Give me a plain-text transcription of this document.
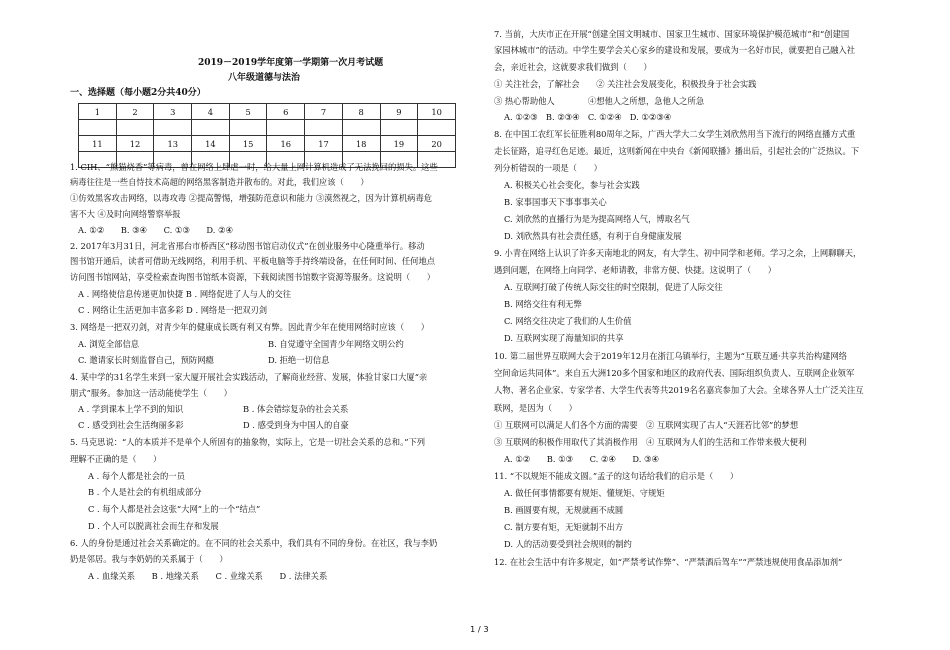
2019－2019学年度第一学期第一次月考试题
八年级道德与法治
一、选择题（每小题2分共40分）
1	2	3	4	5	6	7	8	9	10

11	12	13	14	15	16	17	18	19	20

1. CIH、“熊猫烧香”等病毒，曾在网络上肆虐一时，给大量上网计算机造成了无法挽回的损失。这些
病毒往往是一些自恃技术高超的网络黑客制造并散布的。对此，我们应该（　　）
①仿效黑客攻击网络，以毒攻毒 ②提高警惕，增强防范意识和能力 ③漠然视之，因为计算机病毒危
害不大 ④及时向网络警察举报
A. ①②　　B. ③④　　C. ①③　　D. ②④
2. 2017年3月31日，河北省邢台市桥西区“移动图书馆启动仪式”在创业服务中心隆重举行。移动
图书馆开通后，读者可借助无线网络，利用手机、平板电脑等手持终端设备，在任何时间、任何地点
访问图书馆网站，享受检索查询图书馆纸本资源，下载阅读图书馆数字资源等服务。这说明（　　）
A . 网络使信息传递更加快捷 B . 网络促进了人与人的交往
C . 网络让生活更加丰富多彩 D . 网络是一把双刃剑
3. 网络是一把双刃剑，对青少年的健康成长既有利又有弊。因此青少年在使用网络时应该（　　）
A. 浏览全部信息	B. 自觉遵守全国青少年网络文明公约
C. 邀请家长时刻监督自己，预防网瘾	D. 拒绝一切信息
4. 某中学的31名学生来到一家大厦开展社会实践活动，了解商业经营、发展，体验甘家口大厦“亲
朋式”服务。参加这一活动能使学生（　　）
A . 学到课本上学不到的知识	B . 体会错综复杂的社会关系
C . 感受到社会生活绚丽多彩	D . 感受到身为中国人的自豪
5. 马克思说：“人的本质并不是单个人所固有的抽象物，实际上，它是一切社会关系的总和。”下列
理解不正确的是（　　）
A . 每个人都是社会的一员
B . 个人是社会的有机组成部分
C . 每个人都是社会这张“大网”上的一个“结点”
D . 个人可以脱离社会而生存和发展
6. 人的身份是通过社会关系确定的。在不同的社会关系中，我们具有不同的身份。在社区，我与李奶
奶是邻居。我与李奶奶的关系属于（　　）
A . 血缘关系　　B . 地缘关系　　C . 业缘关系　　D . 法律关系
7. 当前，大庆市正在开展“创建全国文明城市、国家卫生城市、国家环境保护模范城市”和“创建国
家园林城市”的活动。中学生要学会关心家乡的建设和发展，要成为一名好市民，就要把自己融入社
会，亲近社会，这就要求我们做到（　　）
① 关注社会，了解社会　　② 关注社会发展变化，积极投身于社会实践
③ 热心帮助他人　　　　④想他人之所想，急他人之所急
A. ①②③　B. ②③④　C. ①②④　D. ①②③④
8. 在中国工农红军长征胜利80周年之际，广西大学大二女学生刘欣然用当下流行的网络直播方式重
走长征路，追寻红色足迹。最近，这则新闻在中央台《新闻联播》播出后，引起社会的广泛热议。下
列分析错误的一项是（　　）
A. 积极关心社会变化，参与社会实践
B. 家事国事天下事事事关心
C. 刘欣然的直播行为是为提高网络人气，博取名气
D. 刘欣然具有社会责任感，有利于自身健康发展
9. 小青在网络上认识了许多天南地北的网友，有大学生、初中同学和老师。学习之余，上网聊聊天，
遇到问题，在网络上向同学、老师请教，非常方便、快捷。这说明了（　　）
A. 互联网打破了传统人际交往的时空限制，促进了人际交往
B. 网络交往有利无弊
C. 网络交往决定了我们的人生价值
D. 互联网实现了海量知识的共享
10. 第二届世界互联网大会于2019年12月在浙江乌镇举行，主题为“互联互通·共享共治构建网络
空间命运共同体”。来自五大洲120多个国家和地区的政府代表、国际组织负责人、互联网企业领军
人物、著名企业家、专家学者、大学生代表等共2019名名嘉宾参加了大会。全球各界人士广泛关注互
联网，是因为（　　）
① 互联网可以满足人们各个方面的需要　② 互联网实现了古人“天涯若比邻”的梦想
③ 互联网的积极作用取代了其消极作用　④ 互联网为人们的生活和工作带来极大便利
A. ①②　　B. ①③　　C. ②④　　D. ③④
11. “不以规矩不能成文圆。”孟子的这句话给我们的启示是（　　）
A. 做任何事情都要有规矩、懂规矩、守规矩
B. 画圆要有规，无规就画不成圆
C. 制方要有矩，无矩就制不出方
D. 人的活动要受到社会规则的制约
12. 在社会生活中有许多规定，如“严禁考试作弊”、“严禁酒后驾车”“严禁违规使用食品添加剂”
1 / 3
